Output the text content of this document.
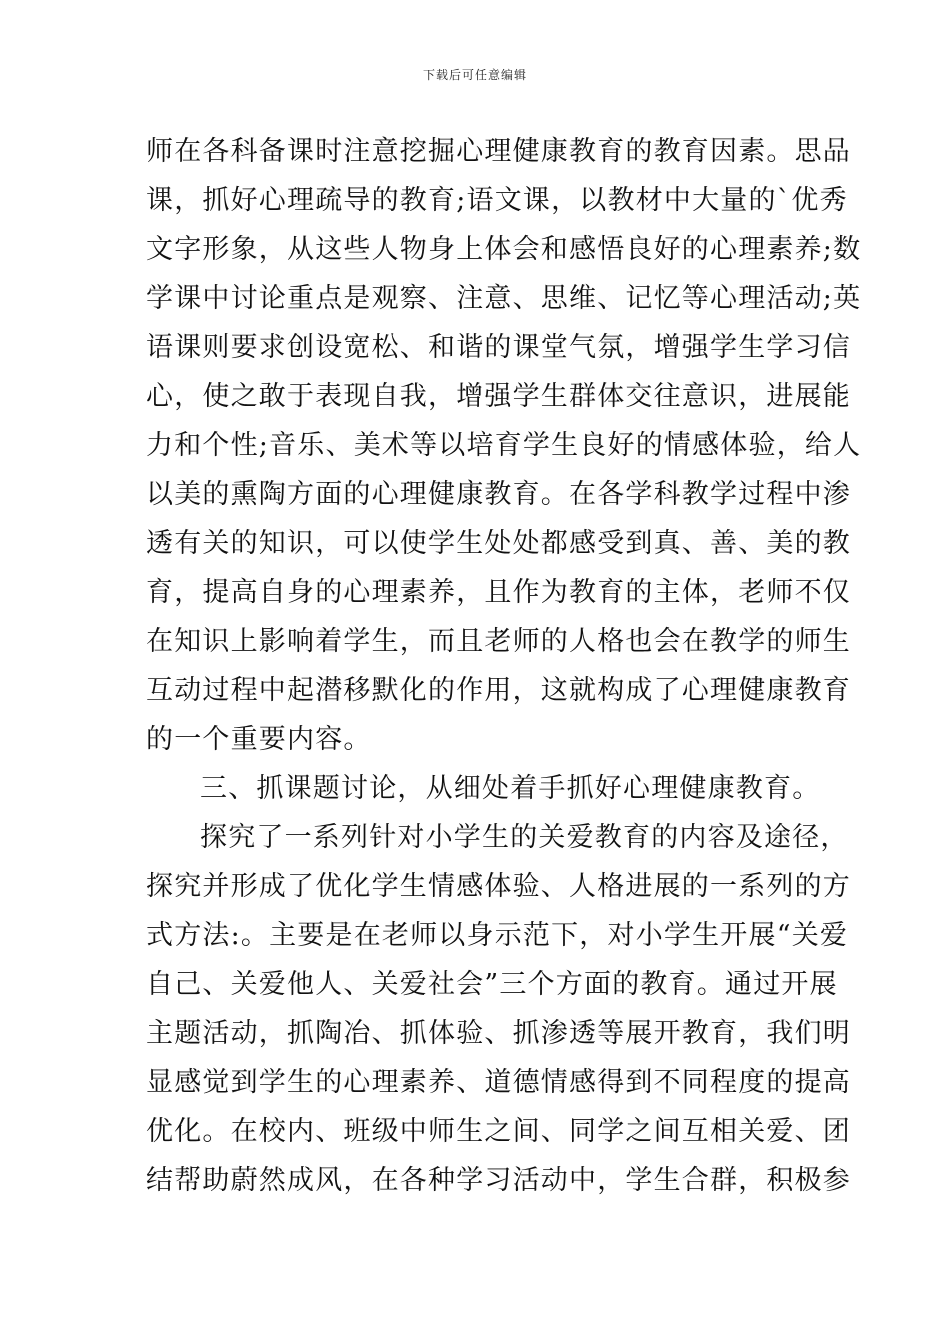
下载后可任意编辑
师在各科备课时注意挖掘心理健康教育的教育因素。思品
课，抓好心理疏导的教育;语文课，以教材中大量的`优秀
文字形象，从这些人物身上体会和感悟良好的心理素养;数
学课中讨论重点是观察、注意、思维、记忆等心理活动;英
语课则要求创设宽松、和谐的课堂气氛，增强学生学习信
心，使之敢于表现自我，增强学生群体交往意识，进展能
力和个性;音乐、美术等以培育学生良好的情感体验，给人
以美的熏陶方面的心理健康教育。在各学科教学过程中渗
透有关的知识，可以使学生处处都感受到真、善、美的教
育，提高自身的心理素养，且作为教育的主体，老师不仅
在知识上影响着学生，而且老师的人格也会在教学的师生
互动过程中起潜移默化的作用，这就构成了心理健康教育
的一个重要内容。
三、抓课题讨论，从细处着手抓好心理健康教育。
探究了一系列针对小学生的关爱教育的内容及途径，
探究并形成了优化学生情感体验、人格进展的一系列的方
式方法:。主要是在老师以身示范下，对小学生开展“关爱
自己、关爱他人、关爱社会”三个方面的教育。通过开展
主题活动，抓陶冶、抓体验、抓渗透等展开教育，我们明
显感觉到学生的心理素养、道德情感得到不同程度的提高
优化。在校内、班级中师生之间、同学之间互相关爱、团
结帮助蔚然成风，在各种学习活动中，学生合群，积极参
